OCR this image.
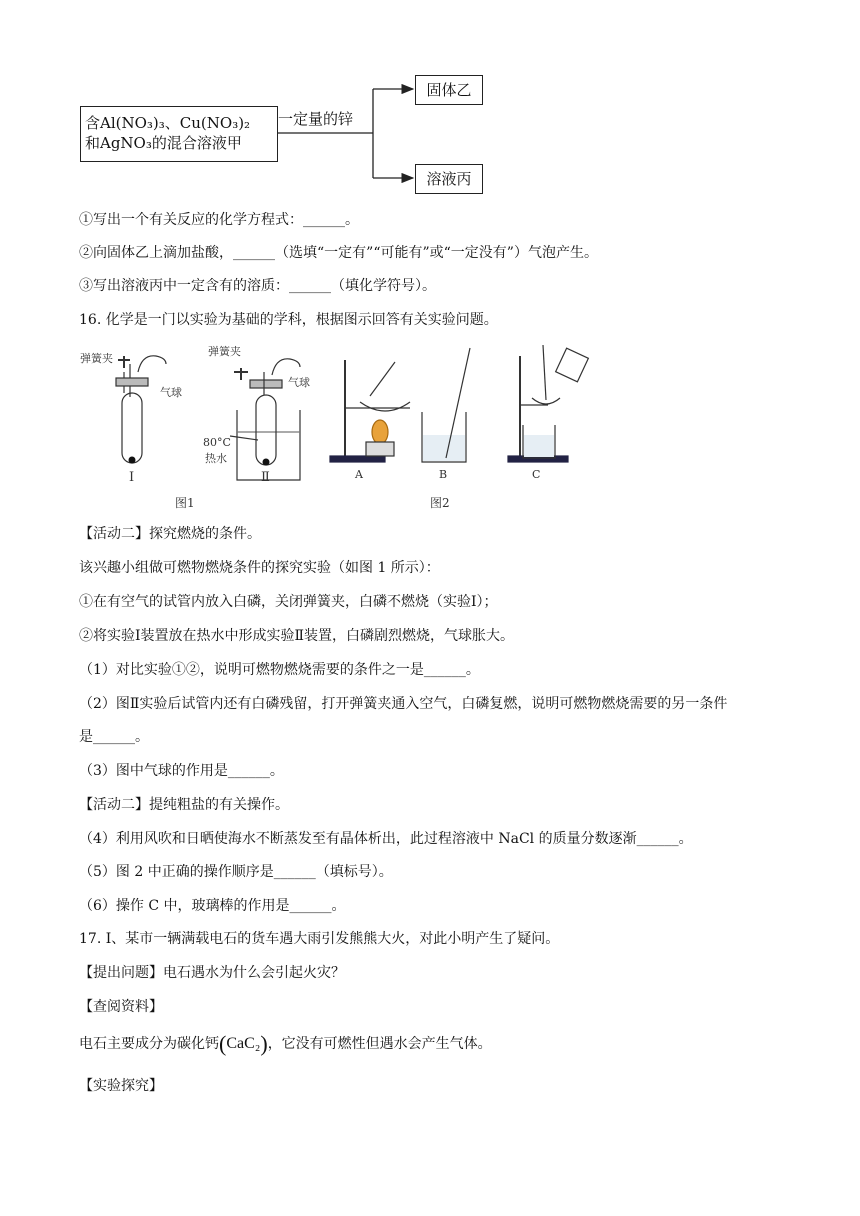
含Al(NO₃)₃、Cu(NO₃)₂
和AgNO₃的混合溶液甲
一定量的锌
固体乙
溶液丙
①写出一个有关反应的化学方程式：______。
②向固体乙上滴加盐酸，______（选填“一定有”“可能有”或“一定没有”）气泡产生。
③写出溶液丙中一定含有的溶质：______（填化学符号）。
16. 化学是一门以实验为基础的学科，根据图示回答有关实验问题。
弹簧夹
气球
弹簧夹
气球
80°C
热水
Ⅰ	Ⅱ
图1
A	B	C
图2
【活动二】探究燃烧的条件。
该兴趣小组做可燃物燃烧条件的探究实验（如图 1 所示）：
①在有空气的试管内放入白磷，关闭弹簧夹，白磷不燃烧（实验Ⅰ）；
②将实验Ⅰ装置放在热水中形成实验Ⅱ装置，白磷剧烈燃烧，气球胀大。
（1）对比实验①②，说明可燃物燃烧需要的条件之一是______。
（2）图Ⅱ实验后试管内还有白磷残留，打开弹簧夹通入空气，白磷复燃，说明可燃物燃烧需要的另一条件
是______。
（3）图中气球的作用是______。
【活动二】提纯粗盐的有关操作。
（4）利用风吹和日晒使海水不断蒸发至有晶体析出，此过程溶液中 NaCl 的质量分数逐渐______。
（5）图 2 中正确的操作顺序是______（填标号）。
（6）操作 C 中，玻璃棒的作用是______。
17. Ⅰ、某市一辆满载电石的货车遇大雨引发熊熊大火，对此小明产生了疑问。
【提出问题】电石遇水为什么会引起火灾？
【查阅资料】
电石主要成分为碳化钙(CaC₂)，它没有可燃性但遇水会产生气体。
【实验探究】
